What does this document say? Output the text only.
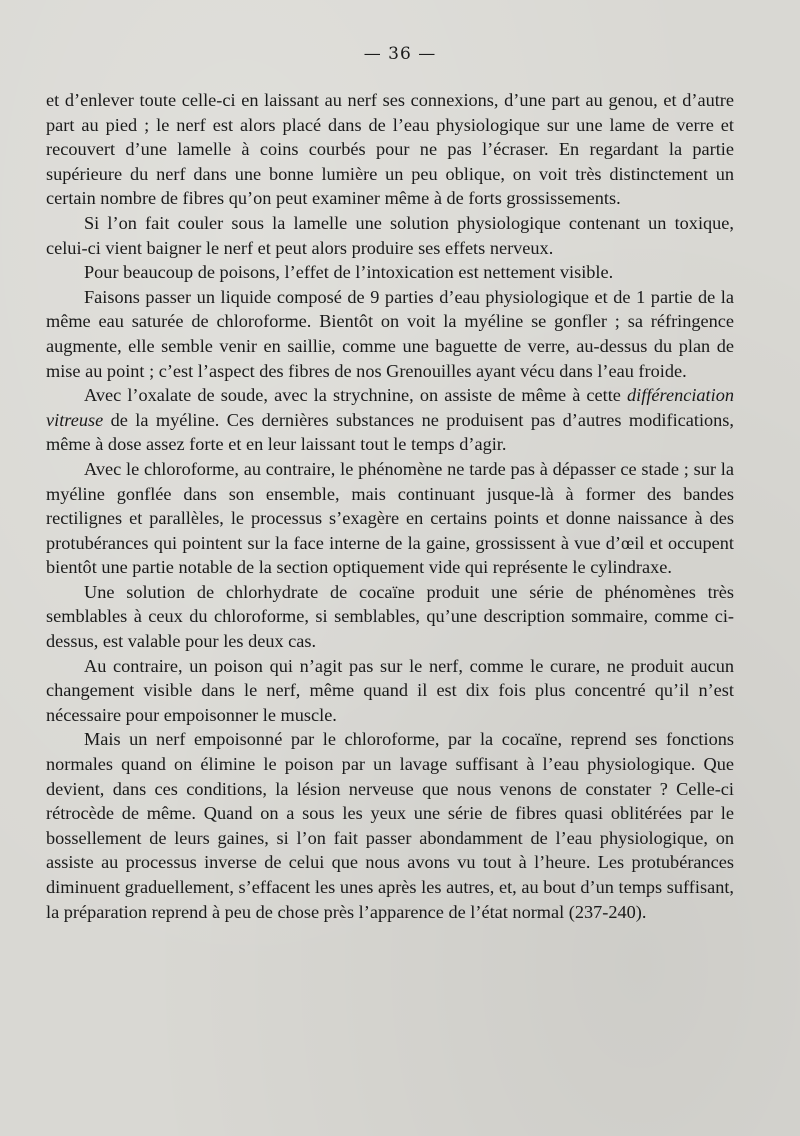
— 36 —

et d’enlever toute celle-ci en laissant au nerf ses connexions, d’une part au genou, et d’autre part au pied ; le nerf est alors placé dans de l’eau physiologique sur une lame de verre et recouvert d’une lamelle à coins courbés pour ne pas l’écraser. En regardant la partie supérieure du nerf dans une bonne lumière un peu oblique, on voit très distinctement un certain nombre de fibres qu’on peut examiner même à de forts grossissements.

Si l’on fait couler sous la lamelle une solution physiologique contenant un toxique, celui-ci vient baigner le nerf et peut alors produire ses effets nerveux.

Pour beaucoup de poisons, l’effet de l’intoxication est nettement visible.

Faisons passer un liquide composé de 9 parties d’eau physiologique et de 1 partie de la même eau saturée de chloroforme. Bientôt on voit la myéline se gonfler ; sa réfringence augmente, elle semble venir en saillie, comme une baguette de verre, au-dessus du plan de mise au point ; c’est l’aspect des fibres de nos Grenouilles ayant vécu dans l’eau froide.

Avec l’oxalate de soude, avec la strychnine, on assiste de même à cette différenciation vitreuse de la myéline. Ces dernières substances ne produisent pas d’autres modifications, même à dose assez forte et en leur laissant tout le temps d’agir.

Avec le chloroforme, au contraire, le phénomène ne tarde pas à dépasser ce stade ; sur la myéline gonflée dans son ensemble, mais continuant jusque-là à former des bandes rectilignes et parallèles, le processus s’exagère en certains points et donne naissance à des protubérances qui pointent sur la face interne de la gaine, grossissent à vue d’œil et occupent bientôt une partie notable de la section optiquement vide qui représente le cylindraxe.

Une solution de chlorhydrate de cocaïne produit une série de phénomènes très semblables à ceux du chloroforme, si semblables, qu’une description sommaire, comme ci-dessus, est valable pour les deux cas.

Au contraire, un poison qui n’agit pas sur le nerf, comme le curare, ne produit aucun changement visible dans le nerf, même quand il est dix fois plus concentré qu’il n’est nécessaire pour empoisonner le muscle.

Mais un nerf empoisonné par le chloroforme, par la cocaïne, reprend ses fonctions normales quand on élimine le poison par un lavage suffisant à l’eau physiologique. Que devient, dans ces conditions, la lésion nerveuse que nous venons de constater ? Celle-ci rétrocède de même. Quand on a sous les yeux une série de fibres quasi oblitérées par le bossellement de leurs gaines, si l’on fait passer abondamment de l’eau physiologique, on assiste au processus inverse de celui que nous avons vu tout à l’heure. Les protubérances diminuent graduellement, s’effacent les unes après les autres, et, au bout d’un temps suffisant, la préparation reprend à peu de chose près l’apparence de l’état normal (237-240).
